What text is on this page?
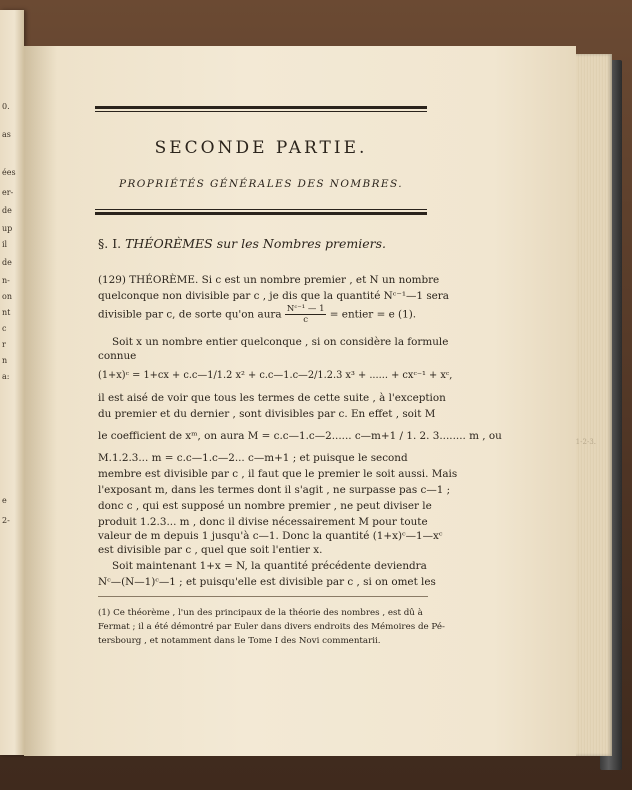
0.
as
ées
er-
de
up
il
de
n-
on
nt
c
r
n
a:
e
2-
SECONDE PARTIE.
PROPRIÉTÉS GÉNÉRALES DES NOMBRES.
§. I. THÉORÈMES sur les Nombres premiers.
(129) THÉORÈME. Si c est un nombre premier , et N un nombre
quelconque non divisible par c , je dis que la quantité Nᶜ⁻¹—1 sera
divisible par c, de sorte qu'on aura $\frac{\text{Nᶜ⁻¹ — 1}}{c}$ = entier = e (1).
Soit x un nombre entier quelconque , si on considère la formule
connue
(1+x)ᶜ = 1+cx + c.c—1/1.2 x² + c.c—1.c—2/1.2.3 x³ + ...... + cxᶜ⁻¹ + xᶜ,
il est aisé de voir que tous les termes de cette suite , à l'exception
du premier et du dernier , sont divisibles par c. En effet , soit M
le coefficient de xᵐ, on aura M = c.c—1.c—2...... c—m+1 / 1. 2. 3........ m , ou
M.1.2.3... m = c.c—1.c—2... c—m+1 ; et puisque le second
membre est divisible par c , il faut que le premier le soit aussi. Mais
l'exposant m, dans les termes dont il s'agit , ne surpasse pas c—1 ;
donc c , qui est supposé un nombre premier , ne peut diviser le
produit 1.2.3... m , donc il divise nécessairement M pour toute
valeur de m depuis 1 jusqu'à c—1. Donc la quantité (1+x)ᶜ—1—xᶜ
est divisible par c , quel que soit l'entier x.
Soit maintenant 1+x = N, la quantité précédente deviendra
Nᶜ—(N—1)ᶜ—1 ; et puisqu'elle est divisible par c , si on omet les
(1) Ce théorème , l'un des principaux de la théorie des nombres , est dû à
Fermat ; il a été démontré par Euler dans divers endroits des Mémoires de Pé-
tersbourg , et notamment dans le Tome I des Novi commentarii.
1-2-3.
